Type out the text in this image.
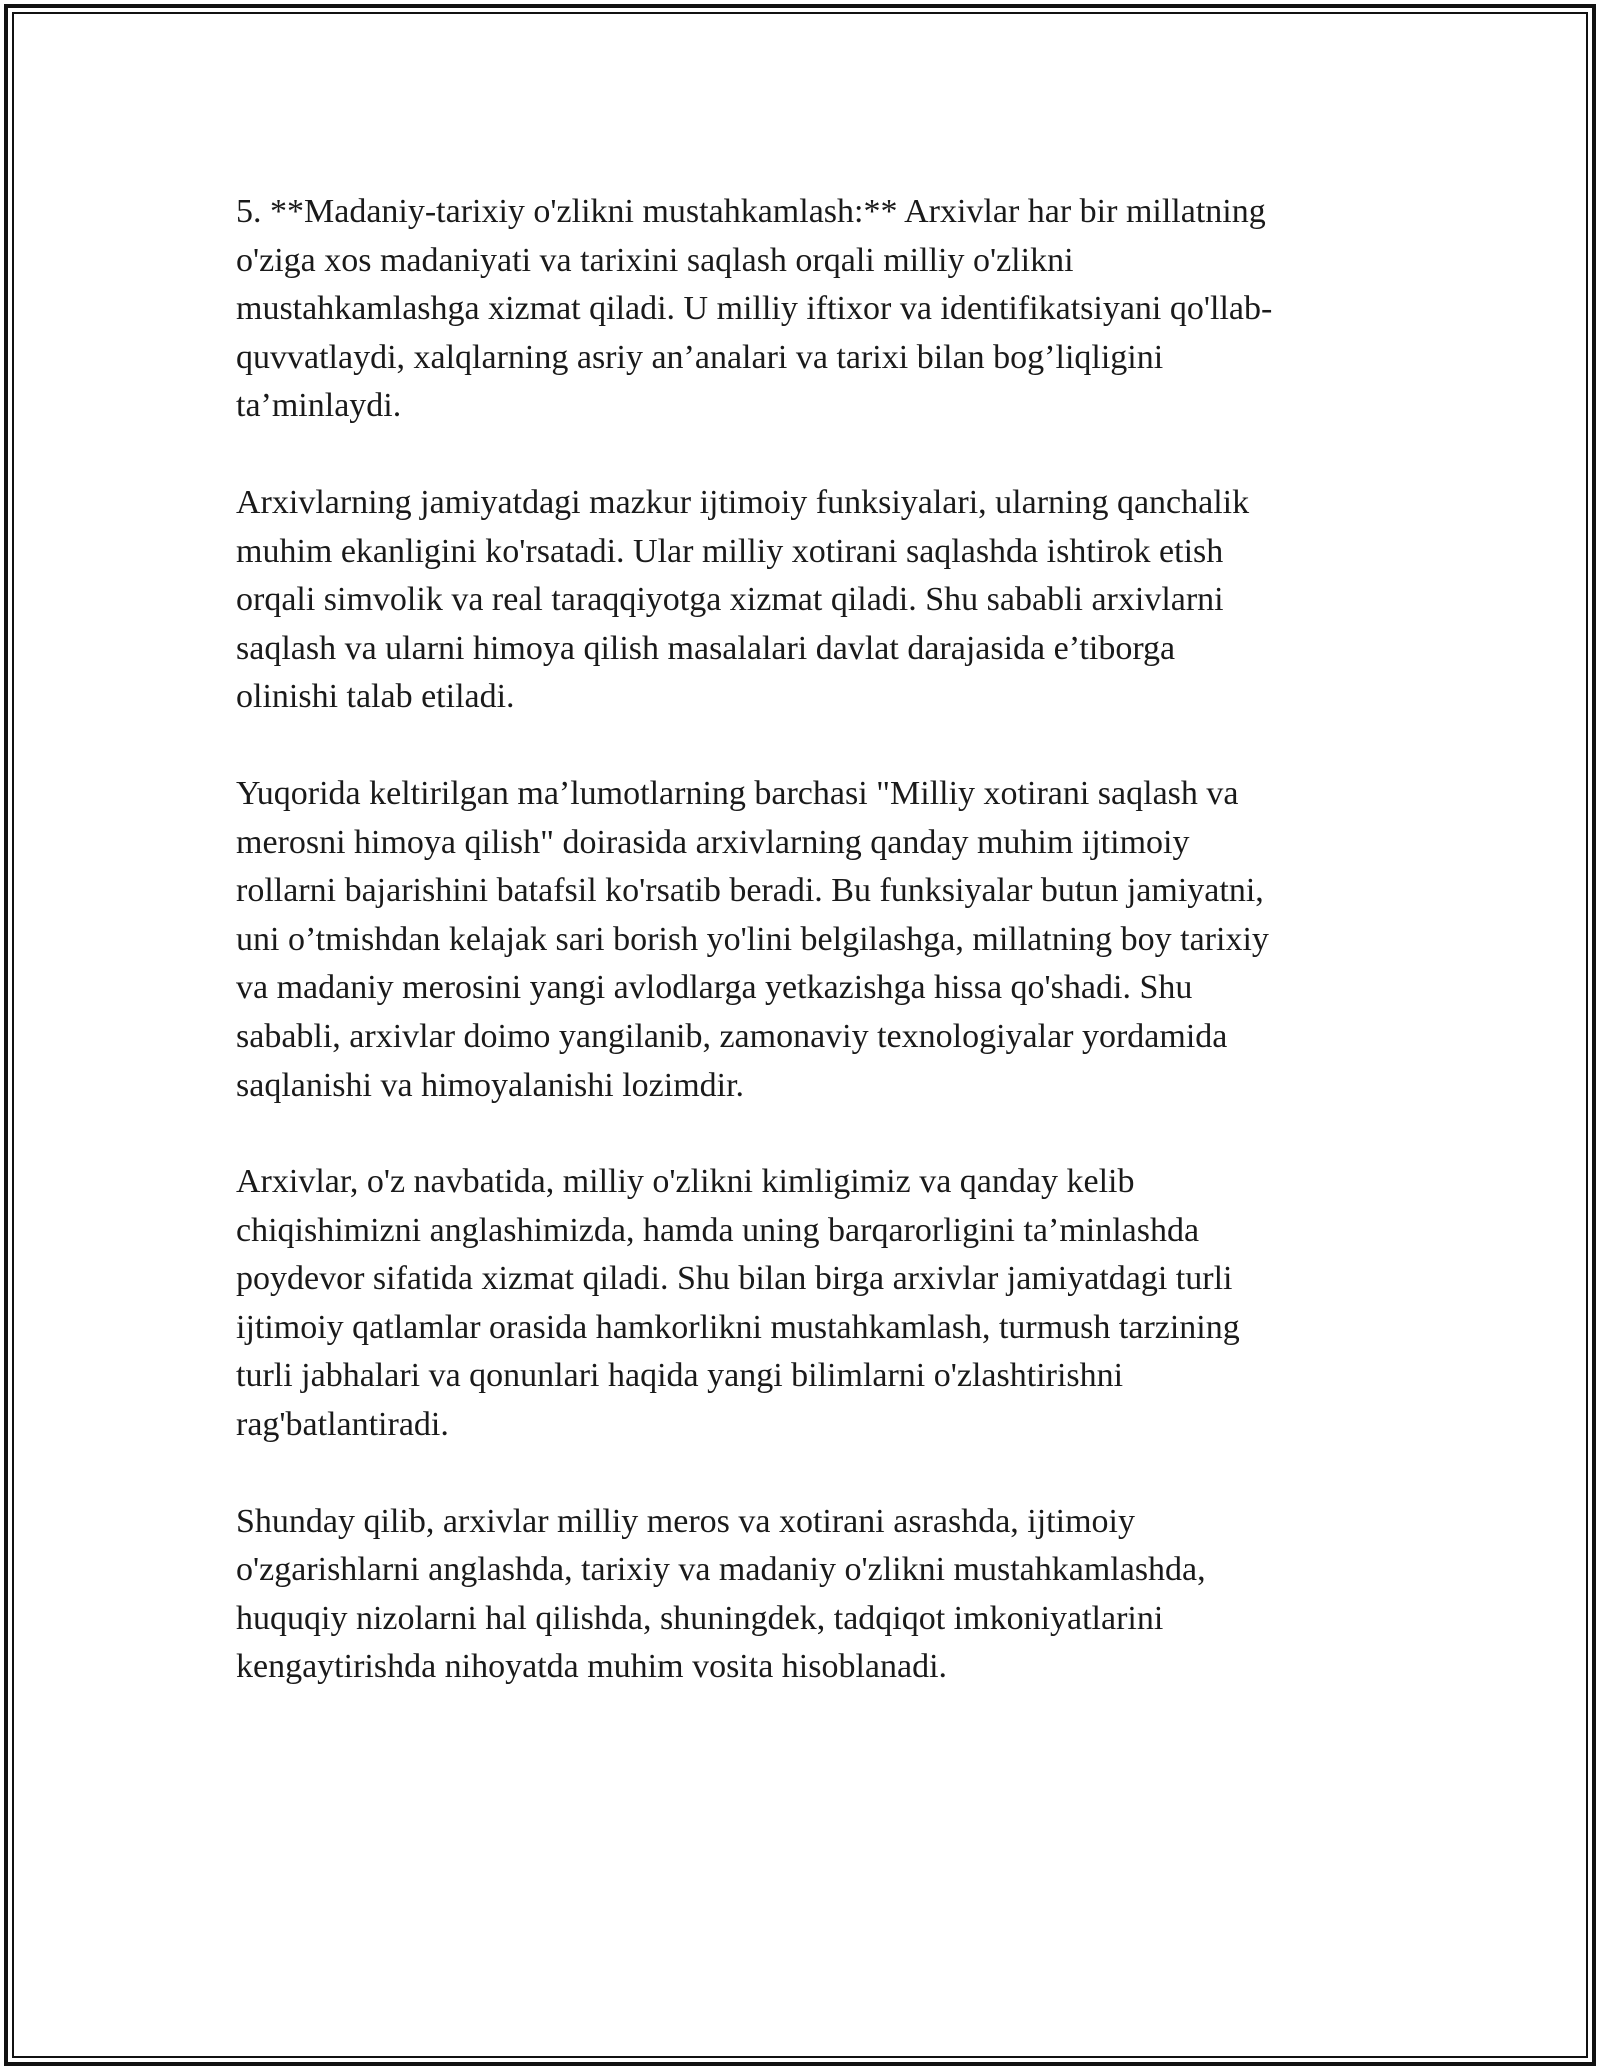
5. **Madaniy-tarixiy o'zlikni mustahkamlash:** Arxivlar har bir millatning
o'ziga xos madaniyati va tarixini saqlash orqali milliy o'zlikni
mustahkamlashga xizmat qiladi. U milliy iftixor va identifikatsiyani qo'llab-
quvvatlaydi, xalqlarning asriy an’analari va tarixi bilan bog’liqligini
ta’minlaydi.

Arxivlarning jamiyatdagi mazkur ijtimoiy funksiyalari, ularning qanchalik
muhim ekanligini ko'rsatadi. Ular milliy xotirani saqlashda ishtirok etish
orqali simvolik va real taraqqiyotga xizmat qiladi. Shu sababli arxivlarni
saqlash va ularni himoya qilish masalalari davlat darajasida e’tiborga
olinishi talab etiladi.

Yuqorida keltirilgan ma’lumotlarning barchasi "Milliy xotirani saqlash va
merosni himoya qilish" doirasida arxivlarning qanday muhim ijtimoiy
rollarni bajarishini batafsil ko'rsatib beradi. Bu funksiyalar butun jamiyatni,
uni o’tmishdan kelajak sari borish yo'lini belgilashga, millatning boy tarixiy
va madaniy merosini yangi avlodlarga yetkazishga hissa qo'shadi. Shu
sababli, arxivlar doimo yangilanib, zamonaviy texnologiyalar yordamida
saqlanishi va himoyalanishi lozimdir.

Arxivlar, o'z navbatida, milliy o'zlikni kimligimiz va qanday kelib
chiqishimizni anglashimizda, hamda uning barqarorligini ta’minlashda
poydevor sifatida xizmat qiladi. Shu bilan birga arxivlar jamiyatdagi turli
ijtimoiy qatlamlar orasida hamkorlikni mustahkamlash, turmush tarzining
turli jabhalari va qonunlari haqida yangi bilimlarni o'zlashtirishni
rag'batlantiradi.

Shunday qilib, arxivlar milliy meros va xotirani asrashda, ijtimoiy
o'zgarishlarni anglashda, tarixiy va madaniy o'zlikni mustahkamlashda,
huquqiy nizolarni hal qilishda, shuningdek, tadqiqot imkoniyatlarini
kengaytirishda nihoyatda muhim vosita hisoblanadi.
